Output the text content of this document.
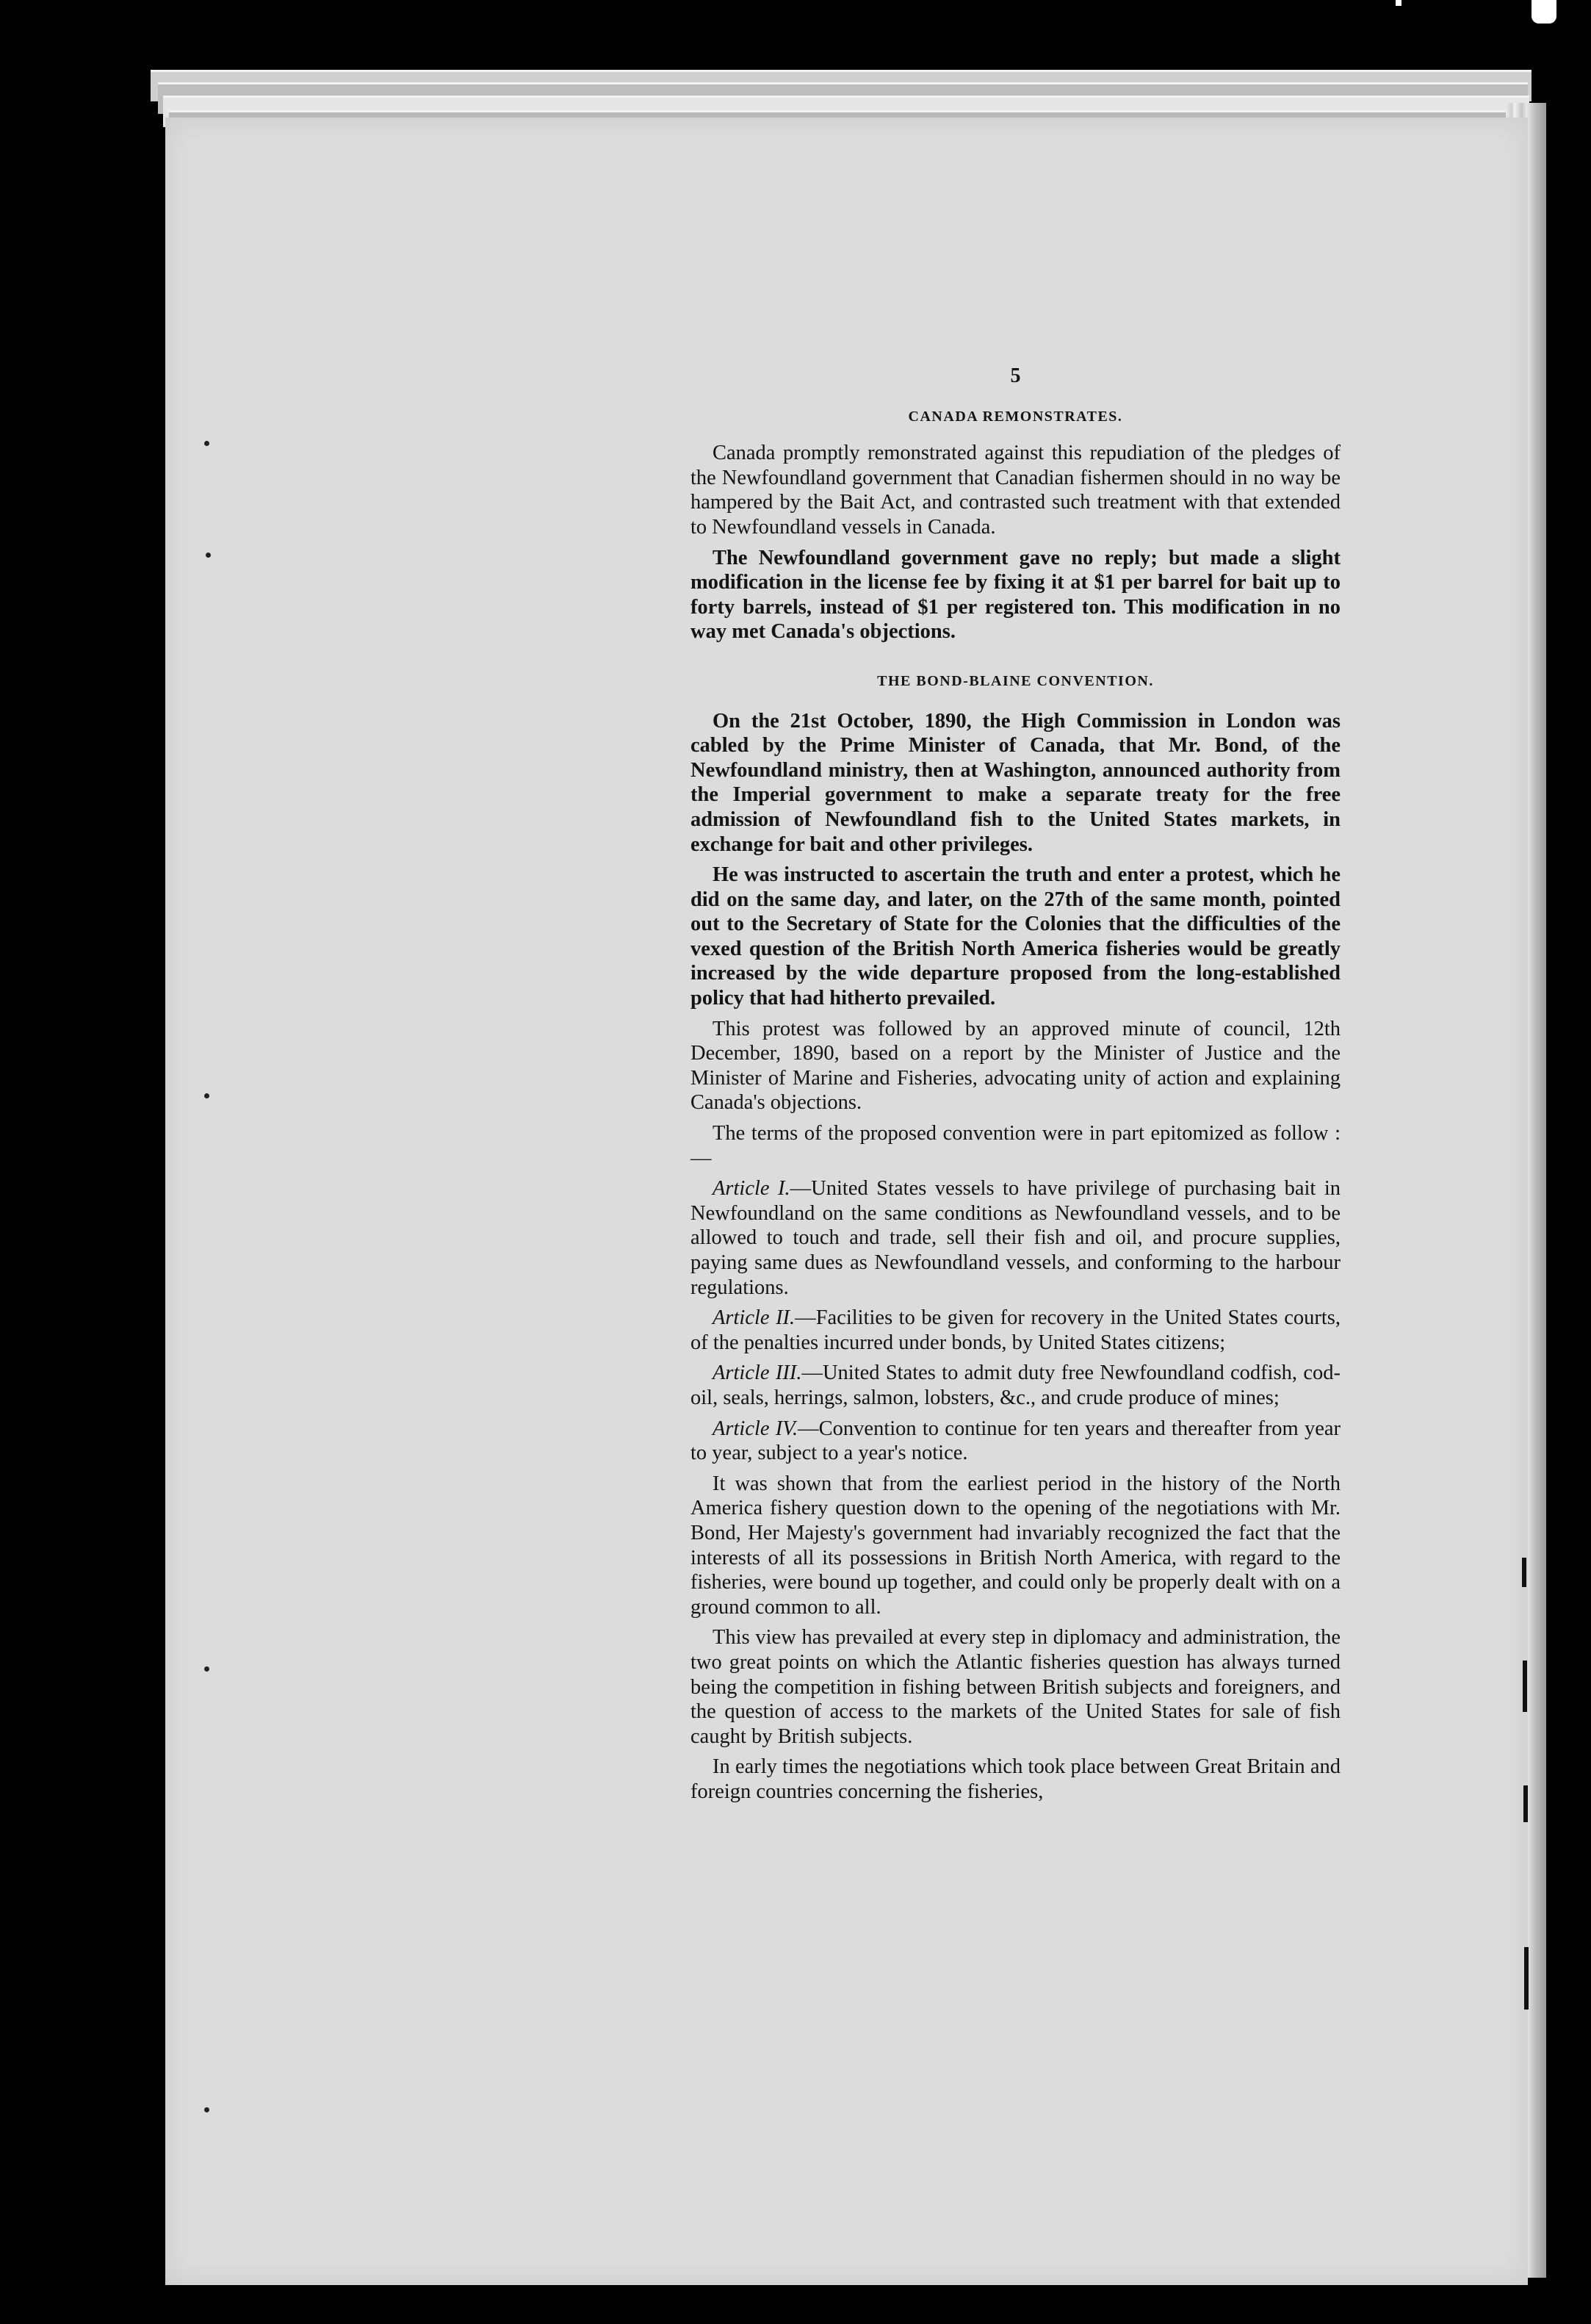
5
CANADA REMONSTRATES.

Canada promptly remonstrated against this repudiation of the pledges of the Newfoundland government that Canadian fishermen should in no way be hampered by the Bait Act, and contrasted such treatment with that extended to Newfoundland vessels in Canada.

The Newfoundland government gave no reply; but made a slight modification in the license fee by fixing it at $1 per barrel for bait up to forty barrels, instead of $1 per registered ton. This modification in no way met Canada's objections.

THE BOND-BLAINE CONVENTION.

On the 21st October, 1890, the High Commission in London was cabled by the Prime Minister of Canada, that Mr. Bond, of the Newfoundland ministry, then at Washington, announced authority from the Imperial government to make a separate treaty for the free admission of Newfoundland fish to the United States markets, in exchange for bait and other privileges.

He was instructed to ascertain the truth and enter a protest, which he did on the same day, and later, on the 27th of the same month, pointed out to the Secretary of State for the Colonies that the difficulties of the vexed question of the British North America fisheries would be greatly increased by the wide departure proposed from the long-established policy that had hitherto prevailed.

This protest was followed by an approved minute of council, 12th December, 1890, based on a report by the Minister of Justice and the Minister of Marine and Fisheries, advocating unity of action and explaining Canada's objections.

The terms of the proposed convention were in part epitomized as follow :—

Article I.—United States vessels to have privilege of purchasing bait in Newfoundland on the same conditions as Newfoundland vessels, and to be allowed to touch and trade, sell their fish and oil, and procure supplies, paying same dues as Newfoundland vessels, and conforming to the harbour regulations.

Article II.—Facilities to be given for recovery in the United States courts, of the penalties incurred under bonds, by United States citizens;

Article III.—United States to admit duty free Newfoundland codfish, cod-oil, seals, herrings, salmon, lobsters, &c., and crude produce of mines;

Article IV.—Convention to continue for ten years and thereafter from year to year, subject to a year's notice.

It was shown that from the earliest period in the history of the North America fishery question down to the opening of the negotiations with Mr. Bond, Her Majesty's government had invariably recognized the fact that the interests of all its possessions in British North America, with regard to the fisheries, were bound up together, and could only be properly dealt with on a ground common to all.

This view has prevailed at every step in diplomacy and administration, the two great points on which the Atlantic fisheries question has always turned being the competition in fishing between British subjects and foreigners, and the question of access to the markets of the United States for sale of fish caught by British subjects.

In early times the negotiations which took place between Great Britain and foreign countries concerning the fisheries,
